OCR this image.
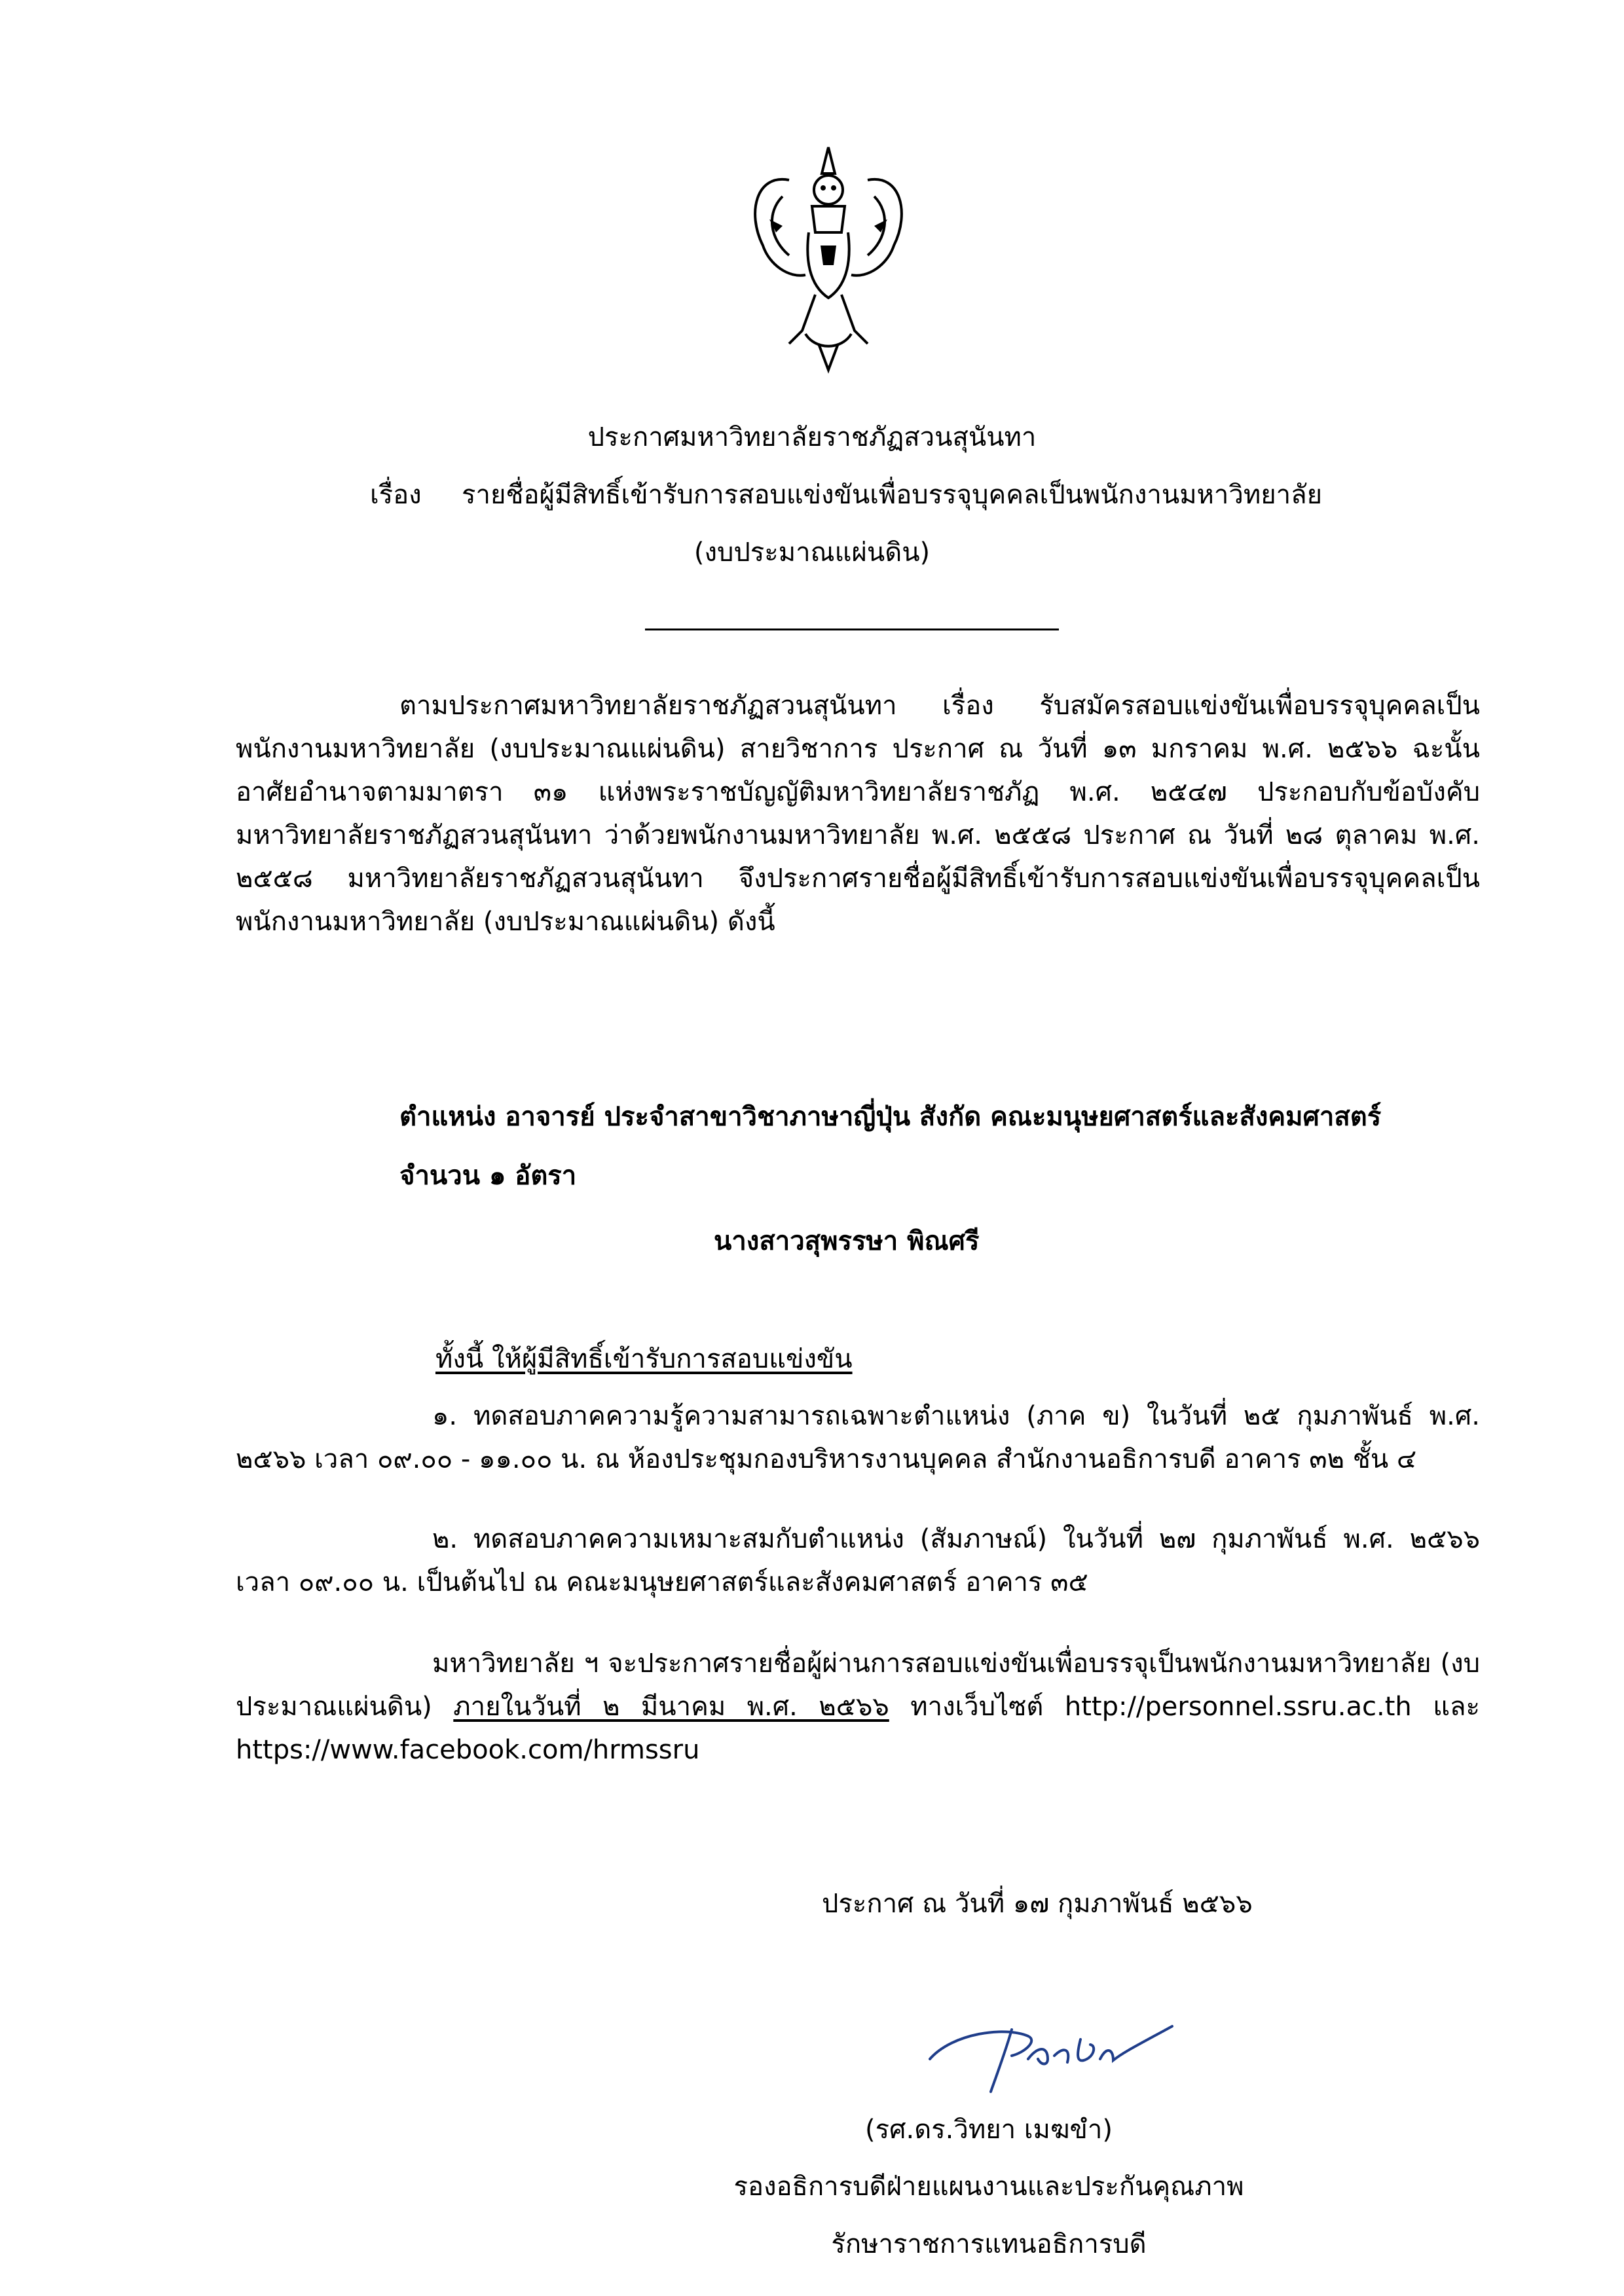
ประกาศมหาวิทยาลัยราชภัฏสวนสุนันทา
เรื่อง รายชื่อผู้มีสิทธิ์เข้ารับการสอบแข่งขันเพื่อบรรจุบุคคลเป็นพนักงานมหาวิทยาลัย
(งบประมาณแผ่นดิน)
ตามประกาศมหาวิทยาลัยราชภัฏสวนสุนันทา เรื่อง รับสมัครสอบแข่งขันเพื่อบรรจุบุคคลเป็นพนักงานมหาวิทยาลัย (งบประมาณแผ่นดิน) สายวิชาการ ประกาศ ณ วันที่ ๑๓ มกราคม พ.ศ. ๒๕๖๖ ฉะนั้น อาศัยอำนาจตามมาตรา ๓๑ แห่งพระราชบัญญัติมหาวิทยาลัยราชภัฏ พ.ศ. ๒๕๔๗ ประกอบกับข้อบังคับมหาวิทยาลัยราชภัฏสวนสุนันทา ว่าด้วยพนักงานมหาวิทยาลัย พ.ศ. ๒๕๕๘ ประกาศ ณ วันที่ ๒๘ ตุลาคม พ.ศ. ๒๕๕๘ มหาวิทยาลัยราชภัฏสวนสุนันทา จึงประกาศรายชื่อผู้มีสิทธิ์เข้ารับการสอบแข่งขันเพื่อบรรจุบุคคลเป็นพนักงานมหาวิทยาลัย (งบประมาณแผ่นดิน) ดังนี้
ตำแหน่ง อาจารย์ ประจำสาขาวิชาภาษาญี่ปุ่น สังกัด คณะมนุษยศาสตร์และสังคมศาสตร์
จำนวน ๑ อัตรา
นางสาวสุพรรษา พิณศรี
ทั้งนี้ ให้ผู้มีสิทธิ์เข้ารับการสอบแข่งขัน
๑. ทดสอบภาคความรู้ความสามารถเฉพาะตำแหน่ง (ภาค ข) ในวันที่ ๒๕ กุมภาพันธ์ พ.ศ. ๒๕๖๖ เวลา ๐๙.๐๐ - ๑๑.๐๐ น. ณ ห้องประชุมกองบริหารงานบุคคล สำนักงานอธิการบดี อาคาร ๓๒ ชั้น ๔
๒. ทดสอบภาคความเหมาะสมกับตำแหน่ง (สัมภาษณ์) ในวันที่ ๒๗ กุมภาพันธ์ พ.ศ. ๒๕๖๖ เวลา ๐๙.๐๐ น. เป็นต้นไป ณ คณะมนุษยศาสตร์และสังคมศาสตร์ อาคาร ๓๕
มหาวิทยาลัย ฯ จะประกาศรายชื่อผู้ผ่านการสอบแข่งขันเพื่อบรรจุเป็นพนักงานมหาวิทยาลัย (งบประมาณแผ่นดิน) ภายในวันที่ ๒ มีนาคม พ.ศ. ๒๕๖๖ ทางเว็บไซต์ http://personnel.ssru.ac.th และ https://www.facebook.com/hrmssru
ประกาศ ณ วันที่ ๑๗ กุมภาพันธ์ ๒๕๖๖
(รศ.ดร.วิทยา เมฆขำ)
รองอธิการบดีฝ่ายแผนงานและประกันคุณภาพ
รักษาราชการแทนอธิการบดี
